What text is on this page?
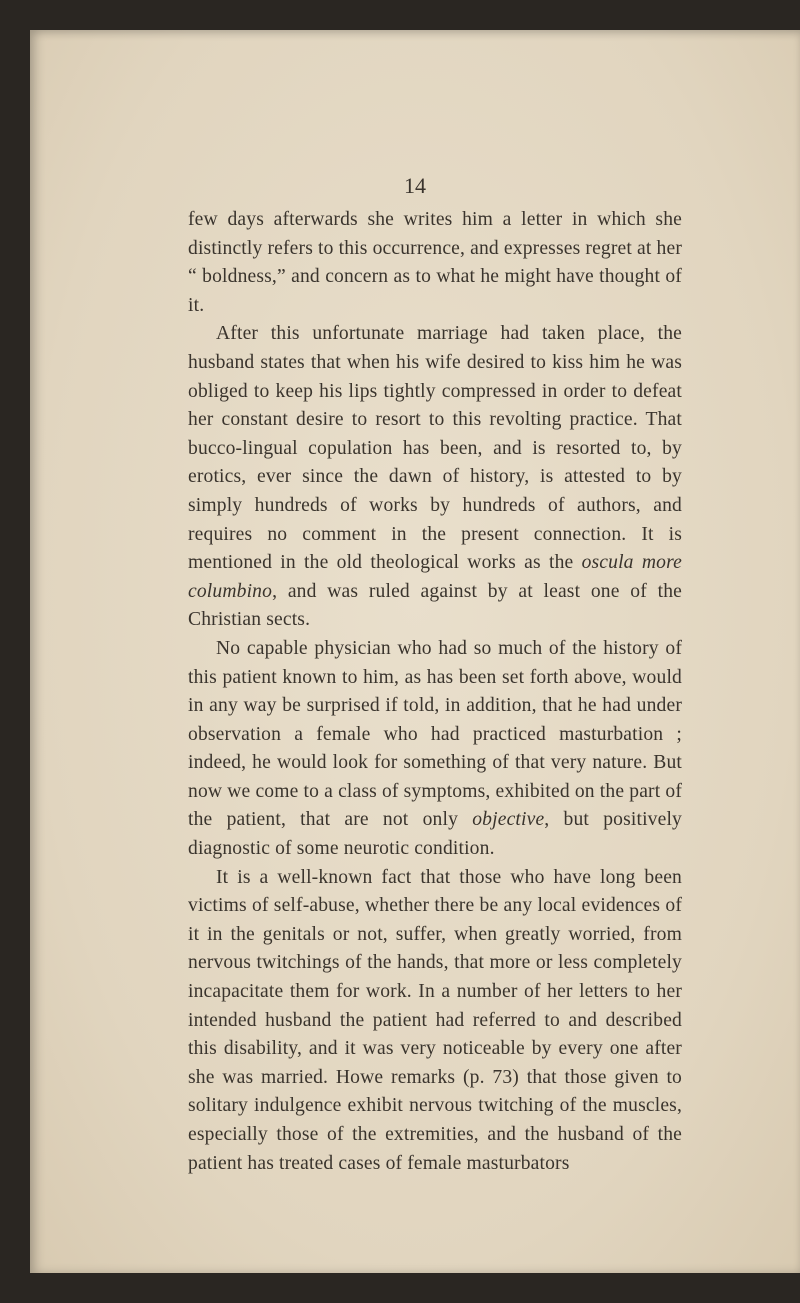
14

few days afterwards she writes him a letter in which she distinctly refers to this occurrence, and expresses regret at her “ boldness,” and concern as to what he might have thought of it.

After this unfortunate marriage had taken place, the husband states that when his wife desired to kiss him he was obliged to keep his lips tightly compressed in order to defeat her constant desire to resort to this revolting practice. That bucco-lingual copulation has been, and is resorted to, by erotics, ever since the dawn of history, is attested to by simply hundreds of works by hundreds of authors, and requires no comment in the present connection. It is mentioned in the old theological works as the oscula more columbino, and was ruled against by at least one of the Christian sects.

No capable physician who had so much of the history of this patient known to him, as has been set forth above, would in any way be surprised if told, in addition, that he had under observation a female who had practiced masturbation ; indeed, he would look for something of that very nature. But now we come to a class of symptoms, exhibited on the part of the patient, that are not only objective, but positively diagnostic of some neurotic condition.

It is a well-known fact that those who have long been victims of self-abuse, whether there be any local evidences of it in the genitals or not, suffer, when greatly worried, from nervous twitchings of the hands, that more or less completely incapacitate them for work. In a number of her letters to her intended husband the patient had referred to and described this disability, and it was very noticeable by every one after she was married. Howe remarks (p. 73) that those given to solitary indulgence exhibit nervous twitching of the muscles, especially those of the extremities, and the husband of the patient has treated cases of female masturbators
